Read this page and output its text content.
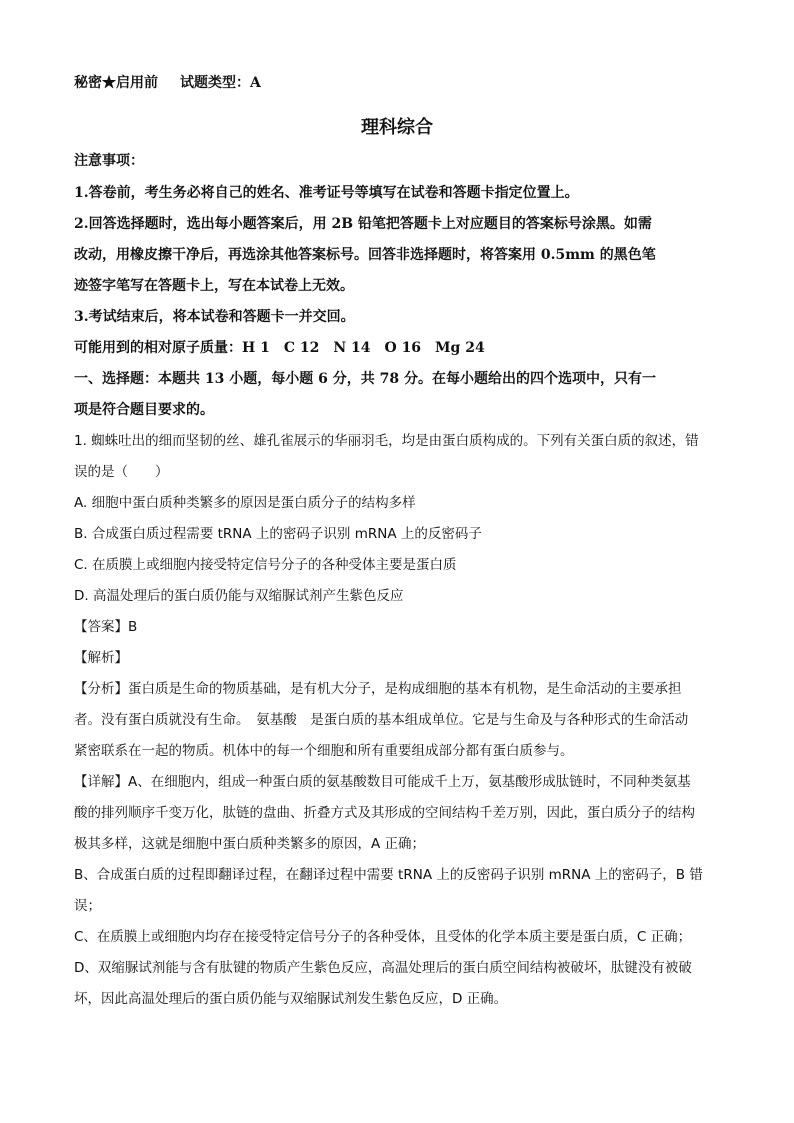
秘密★启用前 试题类型：A
理科综合
注意事项：
1.答卷前，考生务必将自己的姓名、准考证号等填写在试卷和答题卡指定位置上。
2.回答选择题时，选出每小题答案后，用 2B 铅笔把答题卡上对应题目的答案标号涂黑。如需
改动，用橡皮擦干净后，再选涂其他答案标号。回答非选择题时，将答案用 0.5mm 的黑色笔
迹签字笔写在答题卡上，写在本试卷上无效。
3.考试结束后，将本试卷和答题卡一并交回。
可能用到的相对原子质量：H 1　C 12　N 14　O 16　Mg 24
一、选择题：本题共 13 小题，每小题 6 分，共 78 分。在每小题给出的四个选项中，只有一
项是符合题目要求的。
1. 蜘蛛吐出的细而坚韧的丝、雄孔雀展示的华丽羽毛，均是由蛋白质构成的。下列有关蛋白质的叙述，错
误的是（　　）
A. 细胞中蛋白质种类繁多的原因是蛋白质分子的结构多样
B. 合成蛋白质过程需要 tRNA 上的密码子识别 mRNA 上的反密码子
C. 在质膜上或细胞内接受特定信号分子的各种受体主要是蛋白质
D. 高温处理后的蛋白质仍能与双缩脲试剂产生紫色反应
【答案】B
【解析】
【分析】蛋白质是生命的物质基础，是有机大分子，是构成细胞的基本有机物，是生命活动的主要承担
者。没有蛋白质就没有生命。　氨基酸　是蛋白质的基本组成单位。它是与生命及与各种形式的生命活动
紧密联系在一起的物质。机体中的每一个细胞和所有重要组成部分都有蛋白质参与。
【详解】A、在细胞内，组成一种蛋白质的氨基酸数目可能成千上万，氨基酸形成肽链时，不同种类氨基
酸的排列顺序千变万化，肽链的盘曲、折叠方式及其形成的空间结构千差万别，因此，蛋白质分子的结构
极其多样，这就是细胞中蛋白质种类繁多的原因，A 正确；
B、合成蛋白质的过程即翻译过程，在翻译过程中需要 tRNA 上的反密码子识别 mRNA 上的密码子，B 错
误；
C、在质膜上或细胞内均存在接受特定信号分子的各种受体，且受体的化学本质主要是蛋白质，C 正确；
D、双缩脲试剂能与含有肽键的物质产生紫色反应，高温处理后的蛋白质空间结构被破坏，肽键没有被破
坏，因此高温处理后的蛋白质仍能与双缩脲试剂发生紫色反应，D 正确。
